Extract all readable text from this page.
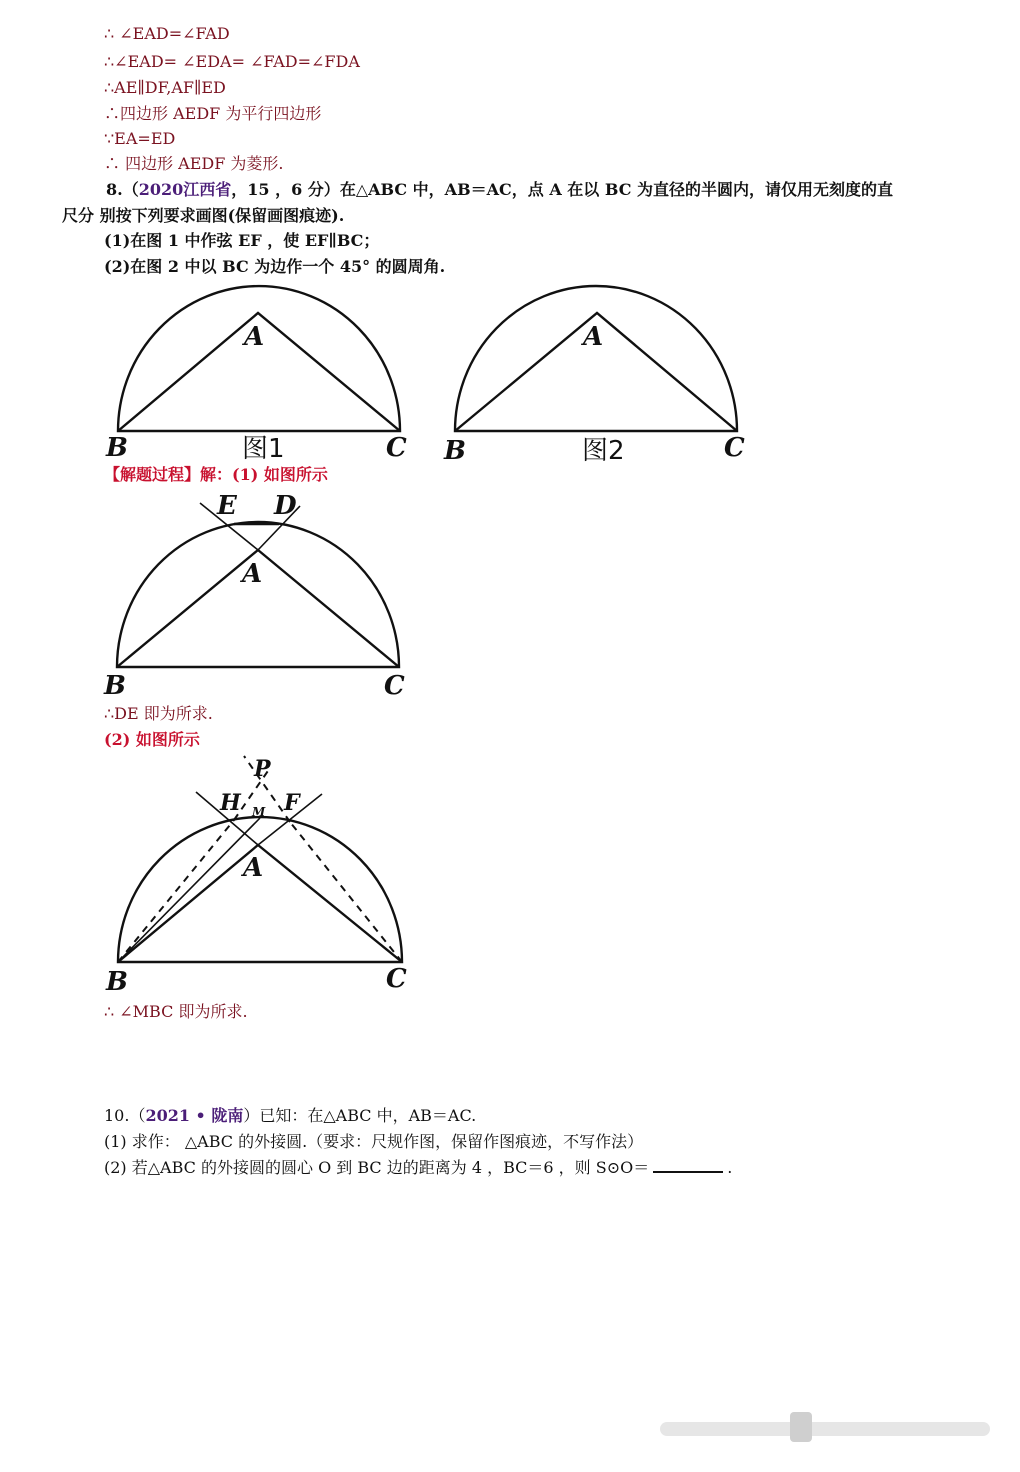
∴ ∠EAD=∠FAD
∴∠EAD= ∠EDA= ∠FAD=∠FDA
∴AE∥DF,AF∥ED
∴四边形 AEDF 为平行四边形
∵EA=ED
∴ 四边形 AEDF 为菱形.
8.（2020江西省，15 ，6 分）在△ABC 中，AB＝AC，点 A 在以 BC 为直径的半圆内，请仅用无刻度的直
尺分 别按下列要求画图(保留画图痕迹).
(1)在图 1 中作弦 EF ，使 EF∥BC；
(2)在图 2 中以 BC 为边作一个 45° 的圆周角.
【解题过程】解：(1) 如图所示
∴DE 即为所求.
(2) 如图所示
∴ ∠MBC 即为所求.
10.（2021 • 陇南）已知：在△ABC 中，AB＝AC.
(1) 求作： △ABC 的外接圆.（要求：尺规作图，保留作图痕迹，不写作法）
(2) 若△ABC 的外接圆的圆心 O 到 BC 边的距离为 4 ，BC＝6 ，则 S⊙O＝	.
A
B	C
图1
A
B	C
图2
E D
A
B	C
P
H F
M
A
B	C
